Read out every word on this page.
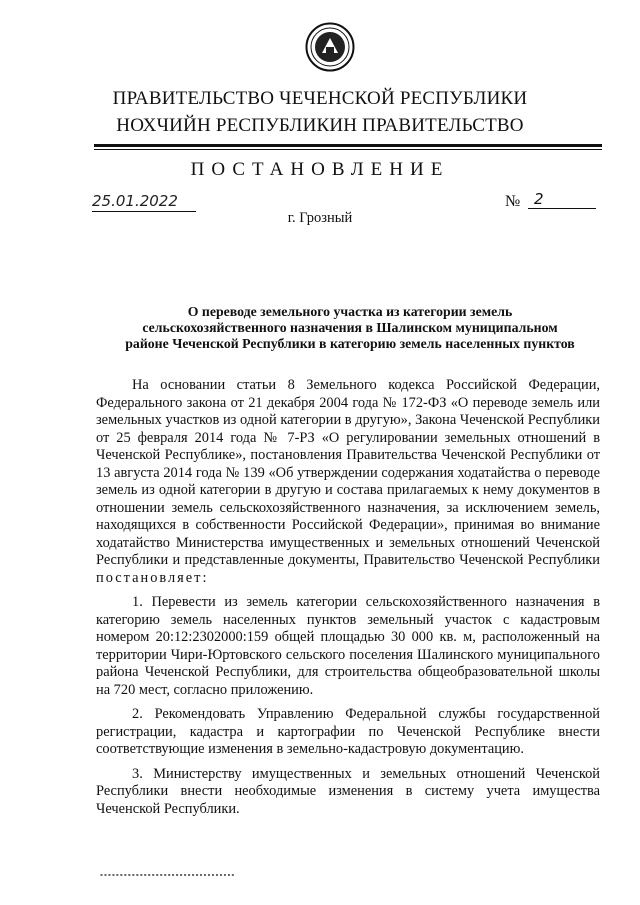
ПРАВИТЕЛЬСТВО ЧЕЧЕНСКОЙ РЕСПУБЛИКИ
НОХЧИЙН РЕСПУБЛИКИН ПРАВИТЕЛЬСТВО
ПОСТАНОВЛЕНИЕ
25.01.2022	№ 2
г. Грозный
О переводе земельного участка из категории земель
сельскохозяйственного назначения в Шалинском муниципальном
районе Чеченской Республики в категорию земель населенных пунктов

На основании статьи 8 Земельного кодекса Российской Федерации, Федерального закона от 21 декабря 2004 года № 172-ФЗ «О переводе земель или земельных участков из одной категории в другую», Закона Чеченской Республики от 25 февраля 2014 года № 7-РЗ «О регулировании земельных отношений в Чеченской Республике», постановления Правительства Чеченской Республики от 13 августа 2014 года № 139 «Об утверждении содержания ходатайства о переводе земель из одной категории в другую и состава прилагаемых к нему документов в отношении земель сельскохозяйственного назначения, за исключением земель, находящихся в собственности Российской Федерации», принимая во внимание ходатайство Министерства имущественных и земельных отношений Чеченской Республики и представленные документы, Правительство Чеченской Республики постановляет:

1. Перевести из земель категории сельскохозяйственного назначения в категорию земель населенных пунктов земельный участок с кадастровым номером 20:12:2302000:159 общей площадью 30 000 кв. м, расположенный на территории Чири-Юртовского сельского поселения Шалинского муниципального района Чеченской Республики, для строительства общеобразовательной школы на 720 мест, согласно приложению.

2. Рекомендовать Управлению Федеральной службы государственной регистрации, кадастра и картографии по Чеченской Республике внести соответствующие изменения в земельно-кадастровую документацию.

3. Министерству имущественных и земельных отношений Чеченской Республики внести необходимые изменения в систему учета имущества Чеченской Республики.

▪ ▪ ▪ ▪ ▪ ▪ ▪ ▪ ▪ ▪ ▪ ▪ ▪ ▪ ▪ ▪ ▪ ▪ ▪ ▪ ▪ ▪ ▪ ▪ ▪ ▪ ▪ ▪ ▪ ▪ ▪ ▪ ▪ ▪
